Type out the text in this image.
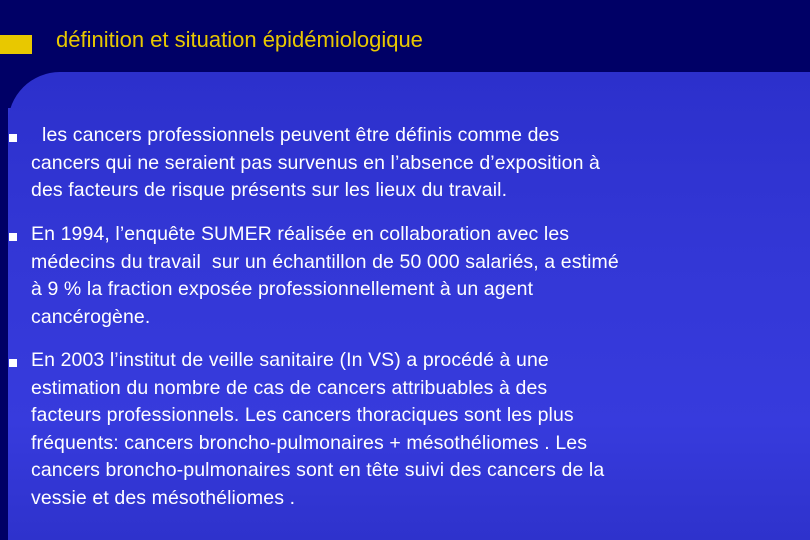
définition et situation épidémiologique
les cancers professionnels peuvent être définis comme des
cancers qui ne seraient pas survenus en l’absence d’exposition à
des facteurs de risque présents sur les lieux du travail.
En 1994, l’enquête SUMER réalisée en collaboration avec les
médecins du travail  sur un échantillon de 50 000 salariés, a estimé
à 9 % la fraction exposée professionnellement à un agent
cancérogène.
En 2003 l’institut de veille sanitaire (In VS) a procédé à une
estimation du nombre de cas de cancers attribuables à des
facteurs professionnels. Les cancers thoraciques sont les plus
fréquents: cancers broncho-pulmonaires + mésothéliomes . Les
cancers broncho-pulmonaires sont en tête suivi des cancers de la
vessie et des mésothéliomes .
